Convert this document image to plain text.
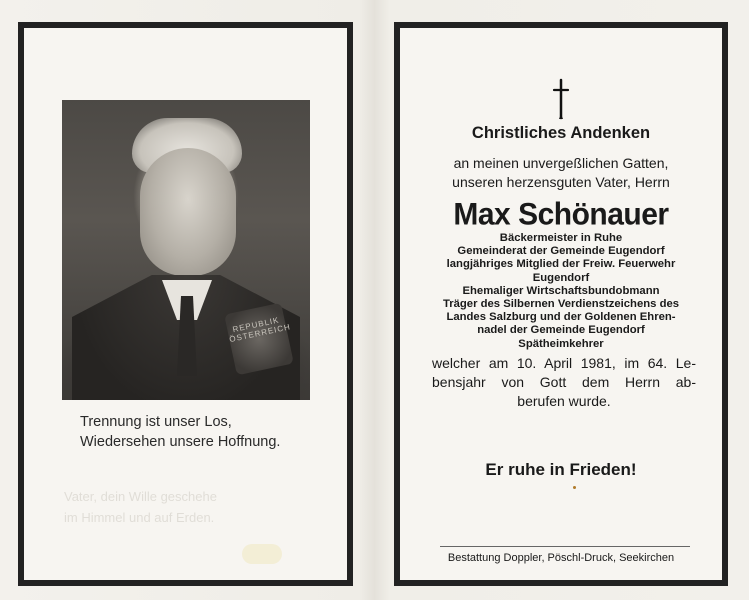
REPUBLIK ÖSTERREICH
Trennung ist unser Los,
Wiedersehen unsere Hoffnung.
Vater, dein Wille geschehe
im Himmel und auf Erden.
Christliches Andenken
an meinen unvergeßlichen Gatten,
unseren herzensguten Vater, Herrn
Max Schönauer
Bäckermeister in Ruhe
Gemeinderat der Gemeinde Eugendorf
langjähriges Mitglied der Freiw. Feuerwehr
Eugendorf
Ehemaliger Wirtschaftsbundobmann
Träger des Silbernen Verdienstzeichens des
Landes Salzburg und der Goldenen Ehren-
nadel der Gemeinde Eugendorf
Spätheimkehrer
welcher am 10. April 1981, im 64. Le-
bensjahr von Gott dem Herrn ab-
berufen wurde.
Er ruhe in Frieden!
Bestattung Doppler, Pöschl-Druck, Seekirchen
